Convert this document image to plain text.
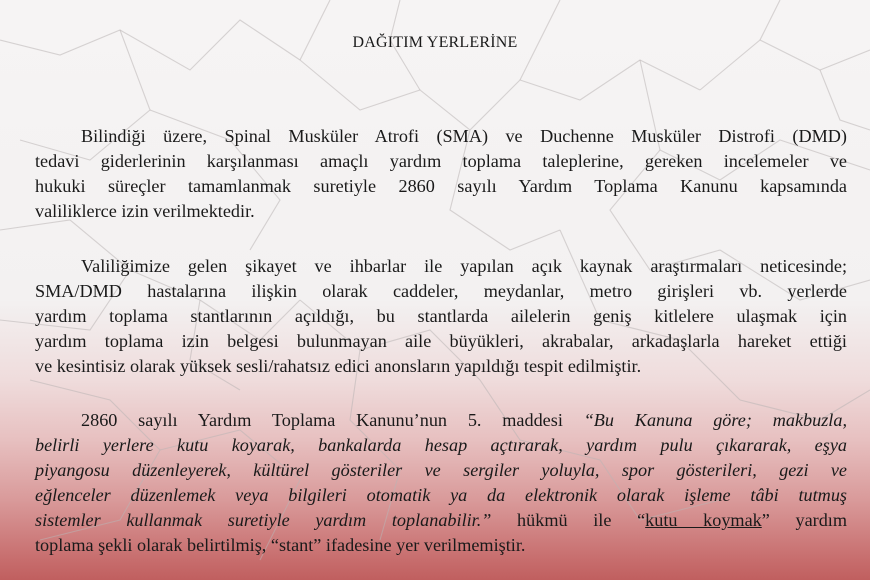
DAĞITIM YERLERİNE
Bilindiği üzere, Spinal Musküler Atrofi (SMA) ve Duchenne Musküler Distrofi (DMD)
tedavi giderlerinin karşılanması amaçlı yardım toplama taleplerine, gereken incelemeler ve
hukuki süreçler tamamlanmak suretiyle 2860 sayılı Yardım Toplama Kanunu kapsamında
valiliklerce izin verilmektedir.
Valiliğimize gelen şikayet ve ihbarlar ile yapılan açık kaynak araştırmaları neticesinde;
SMA/DMD hastalarına ilişkin olarak caddeler, meydanlar, metro girişleri vb. yerlerde
yardım toplama stantlarının açıldığı, bu stantlarda ailelerin geniş kitlelere ulaşmak için
yardım toplama izin belgesi bulunmayan aile büyükleri, akrabalar, arkadaşlarla hareket ettiği
ve kesintisiz olarak yüksek sesli/rahatsız edici anonsların yapıldığı tespit edilmiştir.
2860 sayılı Yardım Toplama Kanunu’nun 5. maddesi “Bu Kanuna göre; makbuzla,
belirli yerlere kutu koyarak, bankalarda hesap açtırarak, yardım pulu çıkararak, eşya
piyangosu düzenleyerek, kültürel gösteriler ve sergiler yoluyla, spor gösterileri, gezi ve
eğlenceler düzenlemek veya bilgileri otomatik ya da elektronik olarak işleme tâbi tutmuş
sistemler kullanmak suretiyle yardım toplanabilir.” hükmü ile “kutu koymak” yardım
toplama şekli olarak belirtilmiş, “stant” ifadesine yer verilmemiştir.
